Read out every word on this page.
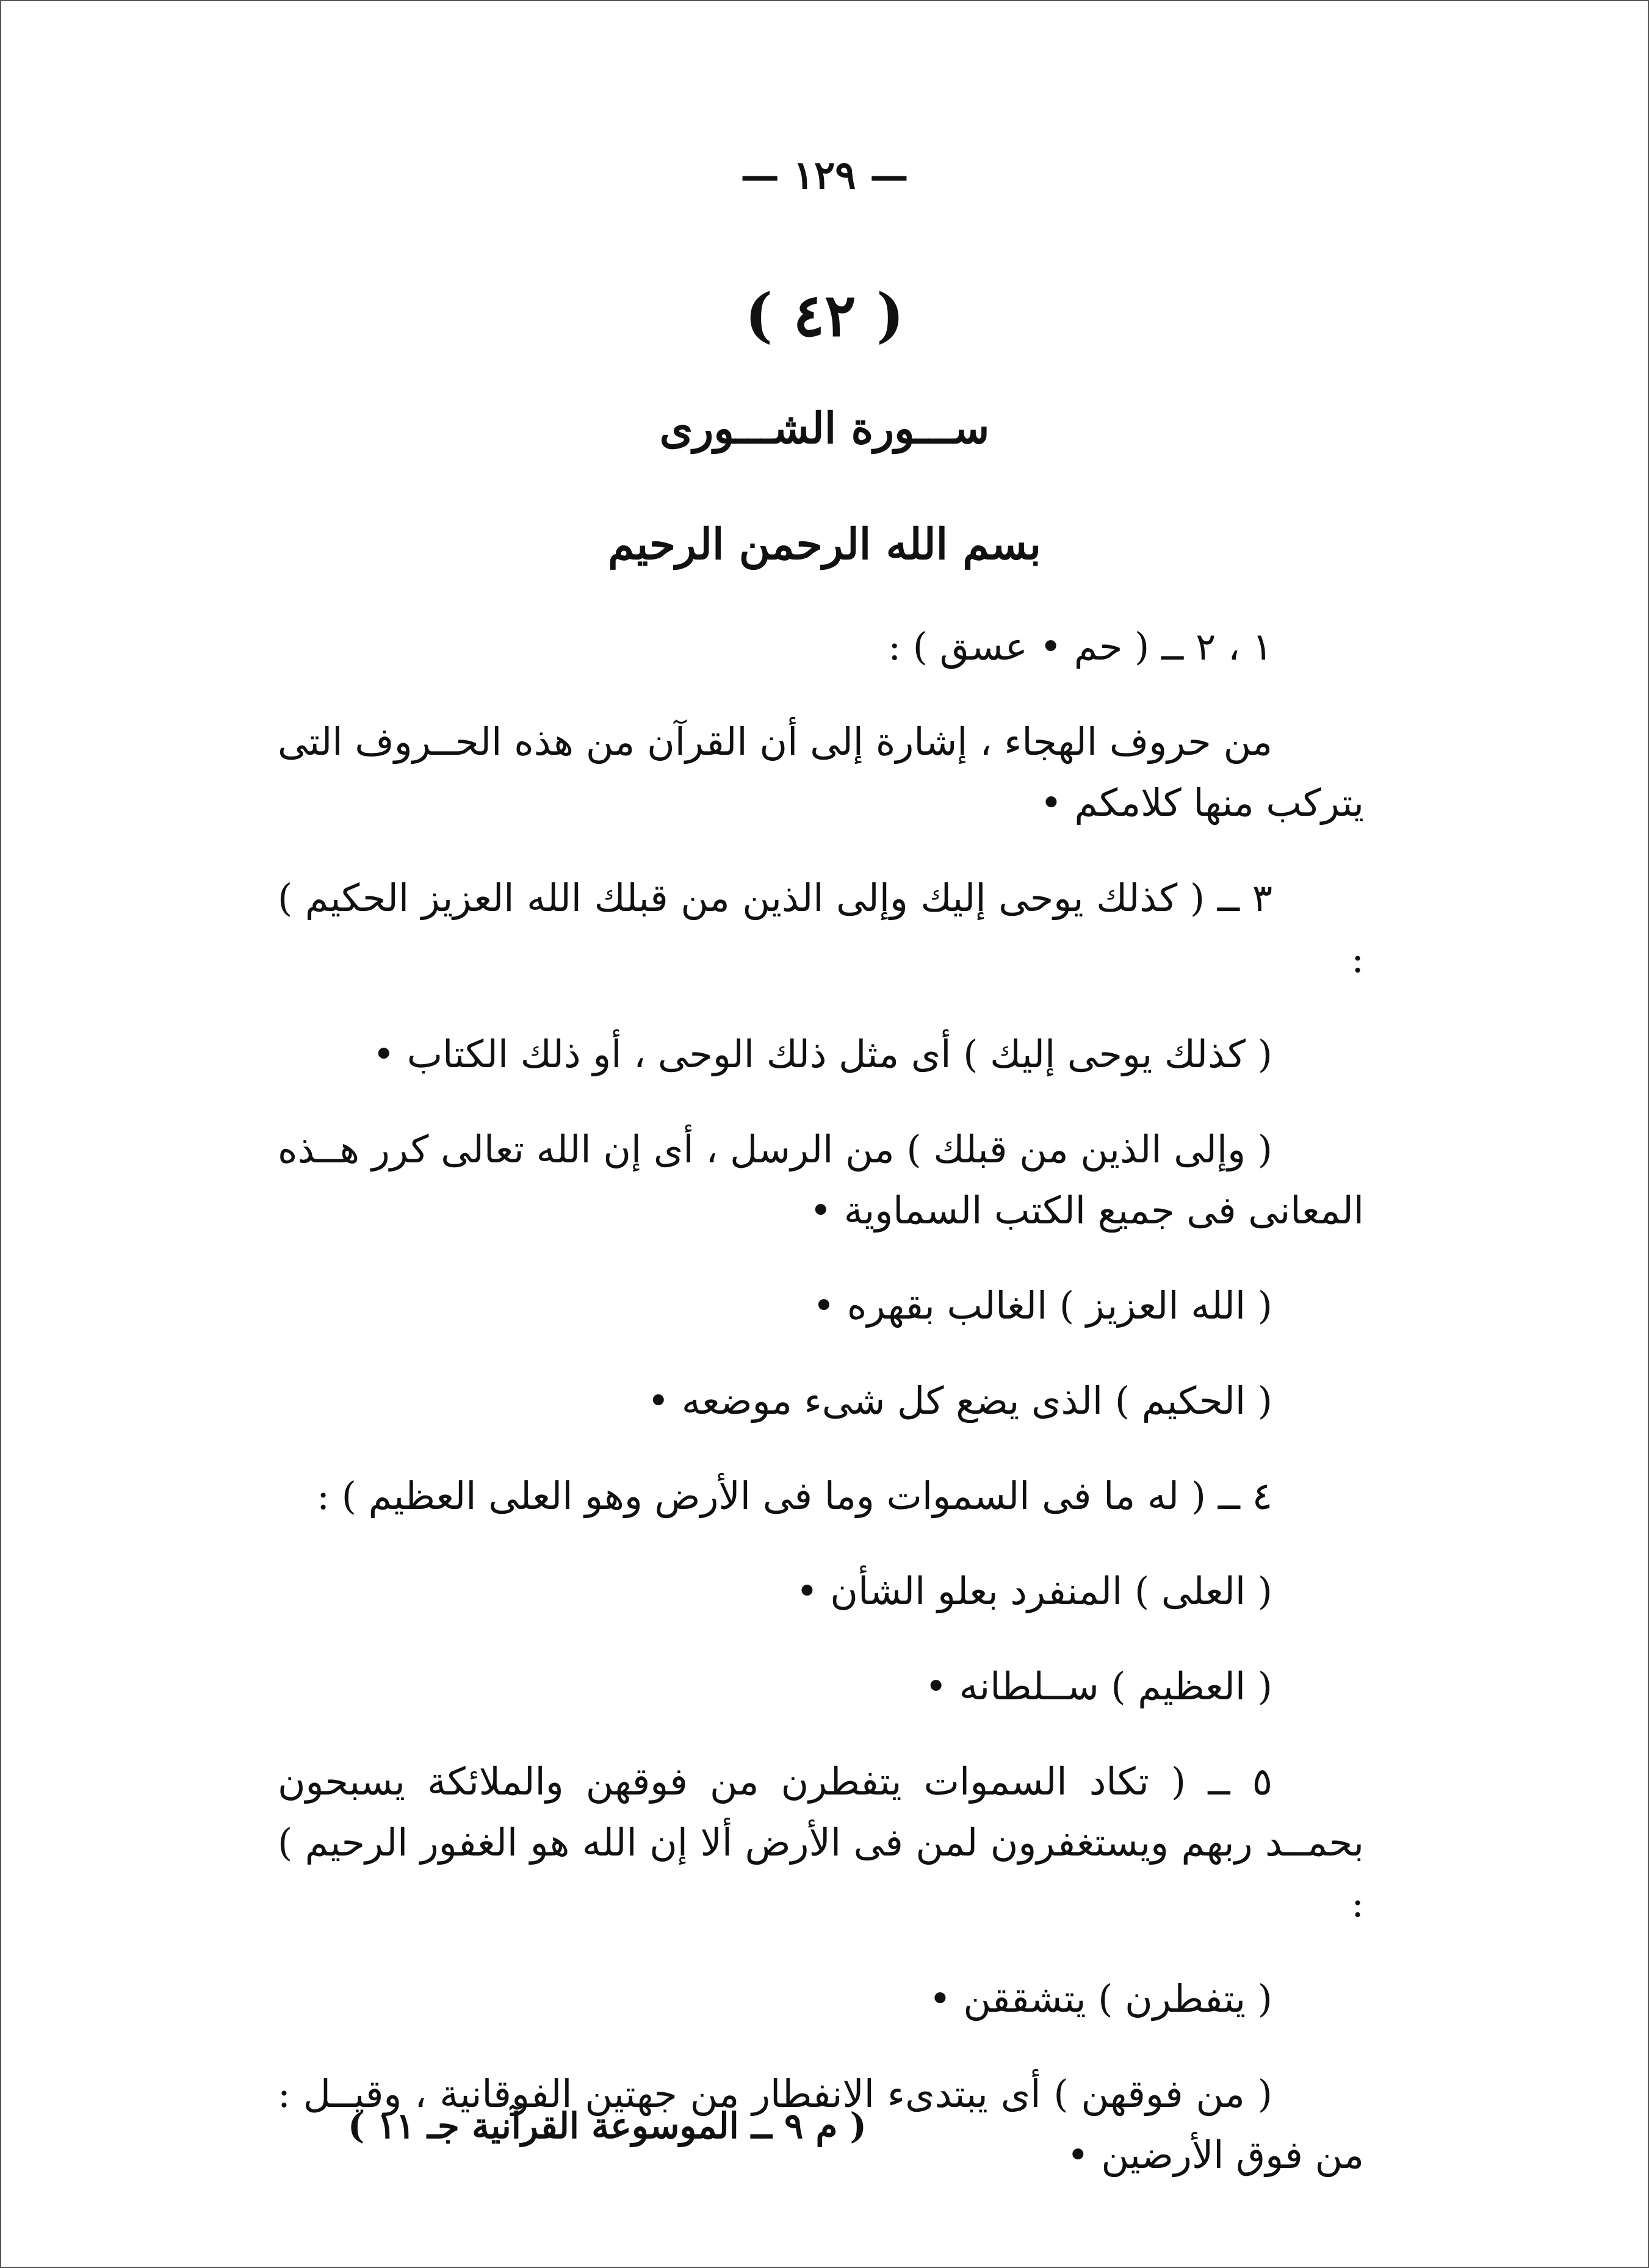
— ١٢٩ —
( ٤٢ )
ســـورة الشـــورى
بسم الله الرحمن الرحيم

١ ، ٢ ــ ( حم • عسق ) :

من حروف الهجاء ، إشارة إلى أن القرآن من هذه الحــروف التى يتركب منها كلامكم •

٣ ــ ( كذلك يوحى إليك وإلى الذين من قبلك الله العزيز الحكيم ) :

( كذلك يوحى إليك ) أى مثل ذلك الوحى ، أو ذلك الكتاب •

( وإلى الذين من قبلك ) من الرسل ، أى إن الله تعالى كرر هــذه المعانى فى جميع الكتب السماوية •

( الله العزيز ) الغالب بقهره •

( الحكيم ) الذى يضع كل شىء موضعه •

٤ ــ ( له ما فى السموات وما فى الأرض وهو العلى العظيم ) :

( العلى ) المنفرد بعلو الشأن •

( العظيم ) ســلطانه •

٥ ــ ( تكاد السموات يتفطرن من فوقهن والملائكة يسبحون بحمــد ربهم ويستغفرون لمن فى الأرض ألا إن الله هو الغفور الرحيم ) :

( يتفطرن ) يتشققن •

( من فوقهن ) أى يبتدىء الانفطار من جهتين الفوقانية ، وقيــل : من فوق الأرضين •

( م ٩ ــ الموسوعة القرآنية جـ ١١ )
